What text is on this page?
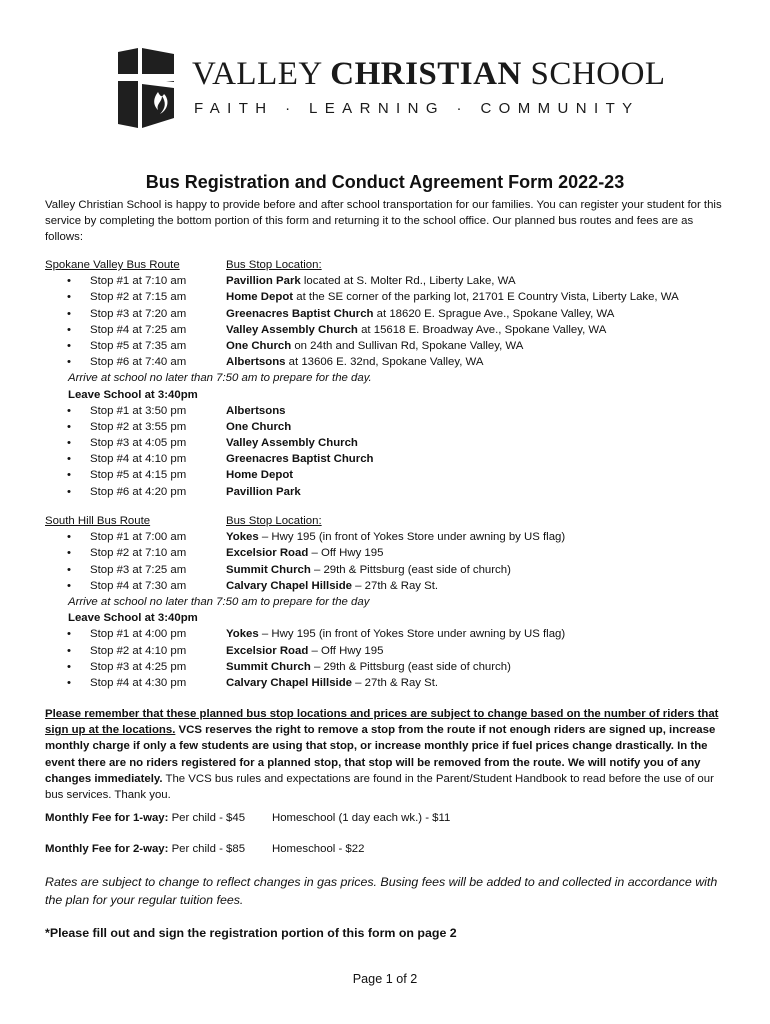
VALLEY CHRISTIAN SCHOOL
FAITH · LEARNING · COMMUNITY
Bus Registration and Conduct Agreement Form 2022-23

Valley Christian School is happy to provide before and after school transportation for our families. You can register your student for this service by completing the bottom portion of this form and returning it to the school office. Our planned bus routes and fees are as follows:

Spokane Valley Bus Route	Bus Stop Location:
• Stop #1 at 7:10 am	Pavillion Park located at S. Molter Rd., Liberty Lake, WA
• Stop #2 at 7:15 am	Home Depot at the SE corner of the parking lot, 21701 E Country Vista, Liberty Lake, WA
• Stop #3 at 7:20 am	Greenacres Baptist Church at 18620 E. Sprague Ave., Spokane Valley, WA
• Stop #4 at 7:25 am	Valley Assembly Church at 15618 E. Broadway Ave., Spokane Valley, WA
• Stop #5 at 7:35 am	One Church on 24th and Sullivan Rd, Spokane Valley, WA
• Stop #6 at 7:40 am	Albertsons at 13606 E. 32nd, Spokane Valley, WA
Arrive at school no later than 7:50 am to prepare for the day.
Leave School at 3:40pm
• Stop #1 at 3:50 pm	Albertsons
• Stop #2 at 3:55 pm	One Church
• Stop #3 at 4:05 pm	Valley Assembly Church
• Stop #4 at 4:10 pm	Greenacres Baptist Church
• Stop #5 at 4:15 pm	Home Depot
• Stop #6 at 4:20 pm	Pavillion Park
South Hill Bus Route	Bus Stop Location:
• Stop #1 at 7:00 am	Yokes – Hwy 195 (in front of Yokes Store under awning by US flag)
• Stop #2 at 7:10 am	Excelsior Road – Off Hwy 195
• Stop #3 at 7:25 am	Summit Church – 29th & Pittsburg (east side of church)
• Stop #4 at 7:30 am	Calvary Chapel Hillside – 27th & Ray St.
Arrive at school no later than 7:50 am to prepare for the day
Leave School at 3:40pm
• Stop #1 at 4:00 pm	Yokes – Hwy 195 (in front of Yokes Store under awning by US flag)
• Stop #2 at 4:10 pm	Excelsior Road – Off Hwy 195
• Stop #3 at 4:25 pm	Summit Church – 29th & Pittsburg (east side of church)
• Stop #4 at 4:30 pm	Calvary Chapel Hillside – 27th & Ray St.

Please remember that these planned bus stop locations and prices are subject to change based on the number of riders that sign up at the locations. VCS reserves the right to remove a stop from the route if not enough riders are signed up, increase monthly charge if only a few students are using that stop, or increase monthly price if fuel prices change drastically. In the event there are no riders registered for a planned stop, that stop will be removed from the route. We will notify you of any changes immediately. The VCS bus rules and expectations are found in the Parent/Student Handbook to read before the use of our bus services. Thank you.

Monthly Fee for 1-way: Per child - $45 Homeschool (1 day each wk.) - $11
Monthly Fee for 2-way: Per child - $85 Homeschool - $22

Rates are subject to change to reflect changes in gas prices. Busing fees will be added to and collected in accordance with the plan for your regular tuition fees.

*Please fill out and sign the registration portion of this form on page 2

Page 1 of 2
